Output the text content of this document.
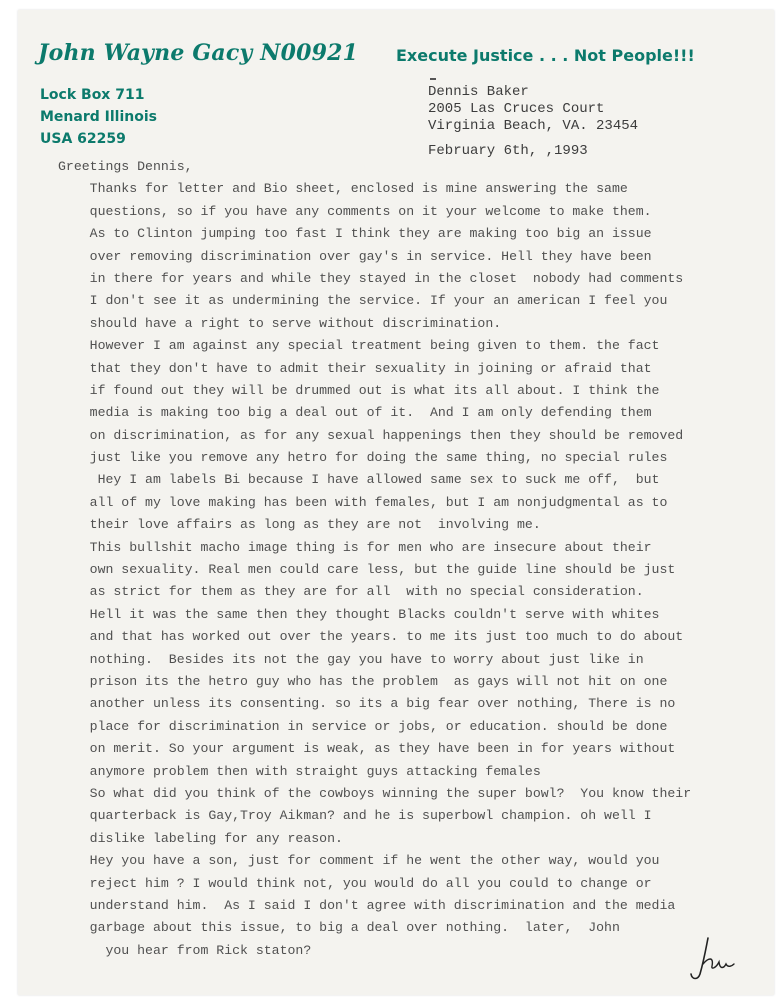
John Wayne Gacy N00921 Execute Justice . . . Not People!!!
Lock Box 711
Menard Illinois
USA 62259
Dennis Baker
2005 Las Cruces Court
Virginia Beach, VA. 23454
February 6th, ,1993
Greetings Dennis,
Thanks for letter and Bio sheet, enclosed is mine answering the same
questions, so if you have any comments on it your welcome to make them.
As to Clinton jumping too fast I think they are making too big an issue
over removing discrimination over gay's in service. Hell they have been
in there for years and while they stayed in the closet  nobody had comments
I don't see it as undermining the service. If your an american I feel you
should have a right to serve without discrimination.
However I am against any special treatment being given to them. the fact
that they don't have to admit their sexuality in joining or afraid that
if found out they will be drummed out is what its all about. I think the
media is making too big a deal out of it.  And I am only defending them
on discrimination, as for any sexual happenings then they should be removed
just like you remove any hetro for doing the same thing, no special rules
Hey I am labels Bi because I have allowed same sex to suck me off,  but
all of my love making has been with females, but I am nonjudgmental as to
their love affairs as long as they are not  involving me.
This bullshit macho image thing is for men who are insecure about their
own sexuality. Real men could care less, but the guide line should be just
as strict for them as they are for all  with no special consideration.
Hell it was the same then they thought Blacks couldn't serve with whites
and that has worked out over the years. to me its just too much to do about
nothing.  Besides its not the gay you have to worry about just like in
prison its the hetro guy who has the problem  as gays will not hit on one
another unless its consenting. so its a big fear over nothing, There is no
place for discrimination in service or jobs, or education. should be done
on merit. So your argument is weak, as they have been in for years without
anymore problem then with straight guys attacking females
So what did you think of the cowboys winning the super bowl?  You know their
quarterback is Gay,Troy Aikman? and he is superbowl champion. oh well I
dislike labeling for any reason.
Hey you have a son, just for comment if he went the other way, would you
reject him ? I would think not, you would do all you could to change or
understand him.  As I said I don't agree with discrimination and the media
garbage about this issue, to big a deal over nothing.  later,  John
you hear from Rick staton?
